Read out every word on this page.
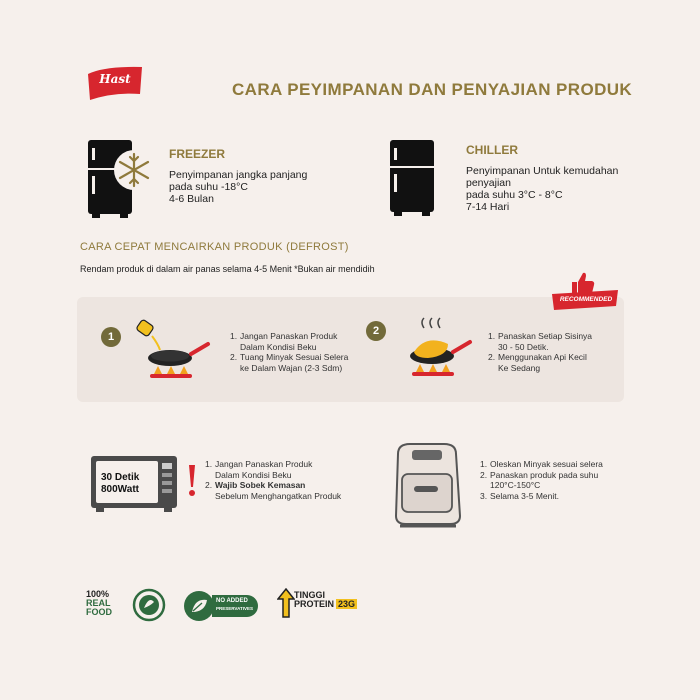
Hast
CARA PEYIMPANAN DAN PENYAJIAN PRODUK
FREEZER
Penyimpanan jangka panjang
pada suhu -18°C
4-6 Bulan
CHILLER
Penyimpanan Untuk kemudahan
penyajian
pada suhu 3°C - 8°C
7-14 Hari
CARA CEPAT MENCAIRKAN PRODUK (DEFROST)
Rendam produk di dalam air panas selama 4-5 Menit *Bukan air mendidih
RECOMMENDED
1	1. Jangan Panaskan Produk
Dalam Kondisi Beku
2. Tuang Minyak Sesuai Selera
ke Dalam Wajan (2-3 Sdm)
2	1. Panaskan Setiap Sisinya
30 - 50 Detik.
2. Menggunakan Api Kecil
Ke Sedang
30 Detik
800Watt
1. Jangan Panaskan Produk
Dalam Kondisi Beku
2. Wajib Sobek Kemasan
Sebelum Menghangatkan Produk
1. Oleskan Minyak sesuai selera
2. Panaskan produk pada suhu
120°C-150°C
3. Selama 3-5 Menit.
100%
REAL
FOOD
NO ADDED
PRESERVATIVES
TINGGI
PROTEIN 23G
